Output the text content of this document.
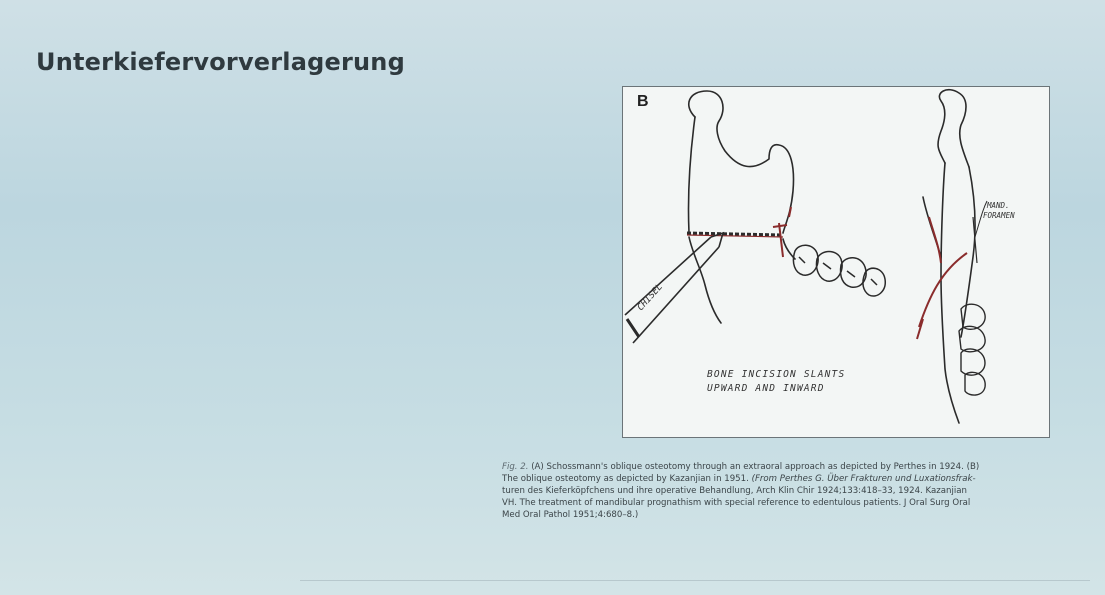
Unterkiefervorverlagerung
CHISEL
MAND.
FORAMEN
BONE INCISION SLANTS
UPWARD AND INWARD
B
Fig. 2. (A) Schossmann's oblique osteotomy through an extraoral approach as depicted by Perthes in 1924. (B)
The oblique osteotomy as depicted by Kazanjian in 1951. (From Perthes G. Über Frakturen und Luxationsfrak-
turen des Kieferköpfchens und ihre operative Behandlung, Arch Klin Chir 1924;133:418–33, 1924. Kazanjian
VH. The treatment of mandibular prognathism with special reference to edentulous patients. J Oral Surg Oral
Med Oral Pathol 1951;4:680–8.)
